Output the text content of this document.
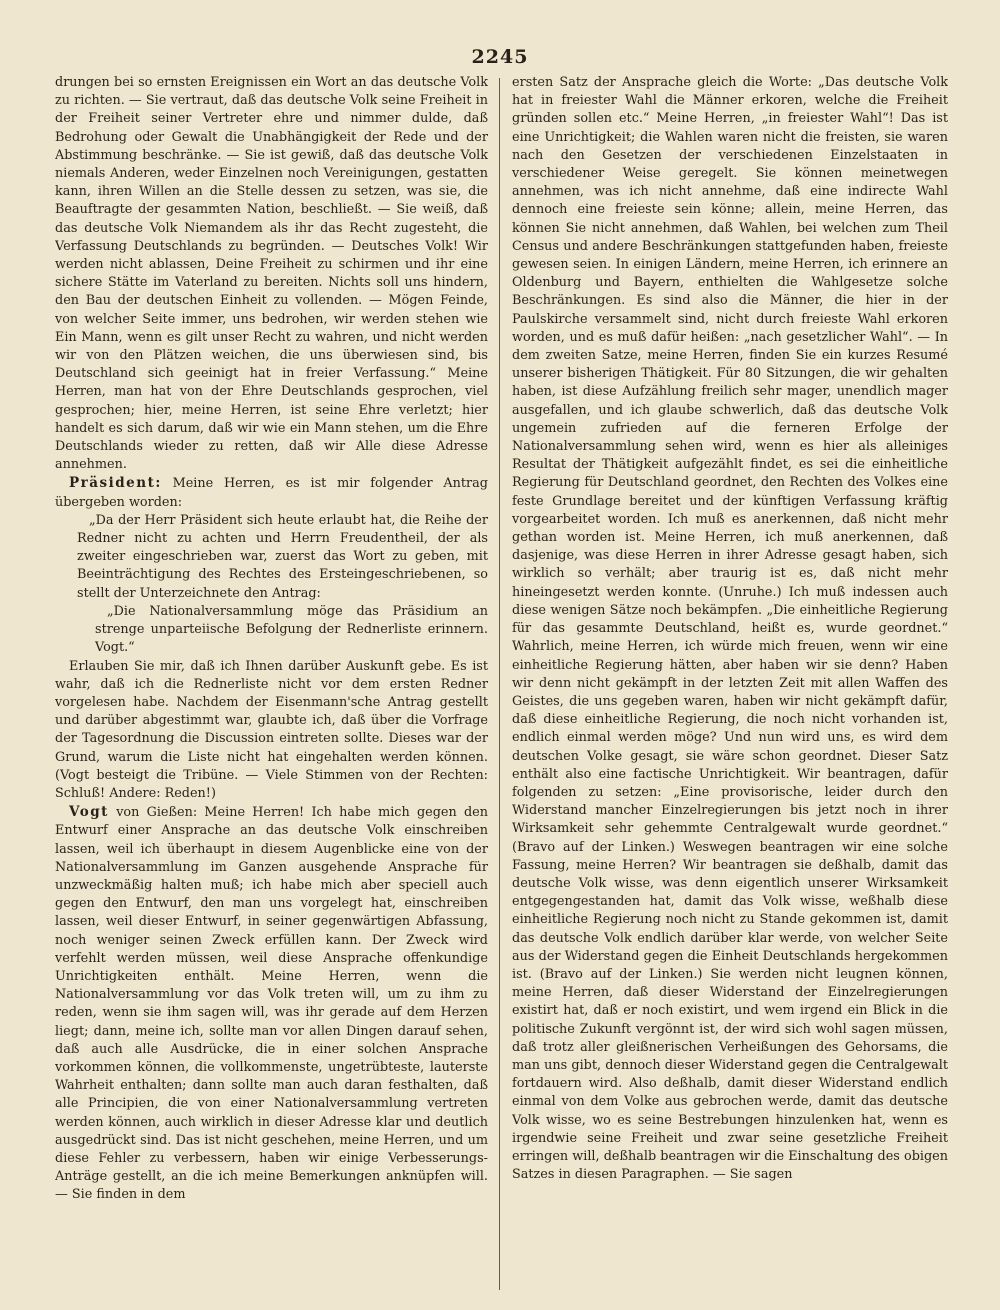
2245

drungen bei so ernsten Ereignissen ein Wort an das deutsche Volk zu richten. — Sie vertraut, daß das deutsche Volk seine Freiheit in der Freiheit seiner Vertreter ehre und nimmer dulde, daß Bedrohung oder Gewalt die Unabhängigkeit der Rede und der Abstimmung beschränke. — Sie ist gewiß, daß das deutsche Volk niemals Anderen, weder Einzelnen noch Vereinigungen, gestatten kann, ihren Willen an die Stelle dessen zu setzen, was sie, die Beauftragte der gesammten Nation, beschließt. — Sie weiß, daß das deutsche Volk Niemandem als ihr das Recht zugesteht, die Verfassung Deutschlands zu begründen. — Deutsches Volk! Wir werden nicht ablassen, Deine Freiheit zu schirmen und ihr eine sichere Stätte im Vaterland zu bereiten. Nichts soll uns hindern, den Bau der deutschen Einheit zu vollenden. — Mögen Feinde, von welcher Seite immer, uns bedrohen, wir werden stehen wie Ein Mann, wenn es gilt unser Recht zu wahren, und nicht werden wir von den Plätzen weichen, die uns überwiesen sind, bis Deutschland sich geeinigt hat in freier Verfassung.“ Meine Herren, man hat von der Ehre Deutschlands gesprochen, viel gesprochen; hier, meine Herren, ist seine Ehre verletzt; hier handelt es sich darum, daß wir wie ein Mann stehen, um die Ehre Deutschlands wieder zu retten, daß wir Alle diese Adresse annehmen.

Präsident: Meine Herren, es ist mir folgender Antrag übergeben worden:

„Da der Herr Präsident sich heute erlaubt hat, die Reihe der Redner nicht zu achten und Herrn Freudentheil, der als zweiter eingeschrieben war, zuerst das Wort zu geben, mit Beeinträchtigung des Rechtes des Ersteingeschriebenen, so stellt der Unterzeichnete den Antrag:

„Die Nationalversammlung möge das Präsidium an strenge unparteiische Befolgung der Rednerliste erinnern. Vogt.“

Erlauben Sie mir, daß ich Ihnen darüber Auskunft gebe. Es ist wahr, daß ich die Rednerliste nicht vor dem ersten Redner vorgelesen habe. Nachdem der Eisenmann'sche Antrag gestellt und darüber abgestimmt war, glaubte ich, daß über die Vorfrage der Tagesordnung die Discussion eintreten sollte. Dieses war der Grund, warum die Liste nicht hat eingehalten werden können. (Vogt besteigt die Tribüne. — Viele Stimmen von der Rechten: Schluß! Andere: Reden!)

Vogt von Gießen: Meine Herren! Ich habe mich gegen den Entwurf einer Ansprache an das deutsche Volk einschreiben lassen, weil ich überhaupt in diesem Augenblicke eine von der Nationalversammlung im Ganzen ausgehende Ansprache für unzweckmäßig halten muß; ich habe mich aber speciell auch gegen den Entwurf, den man uns vorgelegt hat, einschreiben lassen, weil dieser Entwurf, in seiner gegenwärtigen Abfassung, noch weniger seinen Zweck erfüllen kann. Der Zweck wird verfehlt werden müssen, weil diese Ansprache offenkundige Unrichtigkeiten enthält. Meine Herren, wenn die Nationalversammlung vor das Volk treten will, um zu ihm zu reden, wenn sie ihm sagen will, was ihr gerade auf dem Herzen liegt; dann, meine ich, sollte man vor allen Dingen darauf sehen, daß auch alle Ausdrücke, die in einer solchen Ansprache vorkommen können, die vollkommenste, ungetrübteste, lauterste Wahrheit enthalten; dann sollte man auch daran festhalten, daß alle Principien, die von einer Nationalversammlung vertreten werden können, auch wirklich in dieser Adresse klar und deutlich ausgedrückt sind. Das ist nicht geschehen, meine Herren, und um diese Fehler zu verbessern, haben wir einige Verbesserungs-Anträge gestellt, an die ich meine Bemerkungen anknüpfen will. — Sie finden in dem

ersten Satz der Ansprache gleich die Worte: „Das deutsche Volk hat in freiester Wahl die Männer erkoren, welche die Freiheit gründen sollen etc.“ Meine Herren, „in freiester Wahl“! Das ist eine Unrichtigkeit; die Wahlen waren nicht die freisten, sie waren nach den Gesetzen der verschiedenen Einzelstaaten in verschiedener Weise geregelt. Sie können meinetwegen annehmen, was ich nicht annehme, daß eine indirecte Wahl dennoch eine freieste sein könne; allein, meine Herren, das können Sie nicht annehmen, daß Wahlen, bei welchen zum Theil Census und andere Beschränkungen stattgefunden haben, freieste gewesen seien. In einigen Ländern, meine Herren, ich erinnere an Oldenburg und Bayern, enthielten die Wahlgesetze solche Beschränkungen. Es sind also die Männer, die hier in der Paulskirche versammelt sind, nicht durch freieste Wahl erkoren worden, und es muß dafür heißen: „nach gesetzlicher Wahl“. — In dem zweiten Satze, meine Herren, finden Sie ein kurzes Resumé unserer bisherigen Thätigkeit. Für 80 Sitzungen, die wir gehalten haben, ist diese Aufzählung freilich sehr mager, unendlich mager ausgefallen, und ich glaube schwerlich, daß das deutsche Volk ungemein zufrieden auf die ferneren Erfolge der Nationalversammlung sehen wird, wenn es hier als alleiniges Resultat der Thätigkeit aufgezählt findet, es sei die einheitliche Regierung für Deutschland geordnet, den Rechten des Volkes eine feste Grundlage bereitet und der künftigen Verfassung kräftig vorgearbeitet worden. Ich muß es anerkennen, daß nicht mehr gethan worden ist. Meine Herren, ich muß anerkennen, daß dasjenige, was diese Herren in ihrer Adresse gesagt haben, sich wirklich so verhält; aber traurig ist es, daß nicht mehr hineingesetzt werden konnte. (Unruhe.) Ich muß indessen auch diese wenigen Sätze noch bekämpfen. „Die einheitliche Regierung für das gesammte Deutschland, heißt es, wurde geordnet.“ Wahrlich, meine Herren, ich würde mich freuen, wenn wir eine einheitliche Regierung hätten, aber haben wir sie denn? Haben wir denn nicht gekämpft in der letzten Zeit mit allen Waffen des Geistes, die uns gegeben waren, haben wir nicht gekämpft dafür, daß diese einheitliche Regierung, die noch nicht vorhanden ist, endlich einmal werden möge? Und nun wird uns, es wird dem deutschen Volke gesagt, sie wäre schon geordnet. Dieser Satz enthält also eine factische Unrichtigkeit. Wir beantragen, dafür folgenden zu setzen: „Eine provisorische, leider durch den Widerstand mancher Einzelregierungen bis jetzt noch in ihrer Wirksamkeit sehr gehemmte Centralgewalt wurde geordnet.“ (Bravo auf der Linken.) Weswegen beantragen wir eine solche Fassung, meine Herren? Wir beantragen sie deßhalb, damit das deutsche Volk wisse, was denn eigentlich unserer Wirksamkeit entgegengestanden hat, damit das Volk wisse, weßhalb diese einheitliche Regierung noch nicht zu Stande gekommen ist, damit das deutsche Volk endlich darüber klar werde, von welcher Seite aus der Widerstand gegen die Einheit Deutschlands hergekommen ist. (Bravo auf der Linken.) Sie werden nicht leugnen können, meine Herren, daß dieser Widerstand der Einzelregierungen existirt hat, daß er noch existirt, und wem irgend ein Blick in die politische Zukunft vergönnt ist, der wird sich wohl sagen müssen, daß trotz aller gleißnerischen Verheißungen des Gehorsams, die man uns gibt, dennoch dieser Widerstand gegen die Centralgewalt fortdauern wird. Also deßhalb, damit dieser Widerstand endlich einmal von dem Volke aus gebrochen werde, damit das deutsche Volk wisse, wo es seine Bestrebungen hinzulenken hat, wenn es irgendwie seine Freiheit und zwar seine gesetzliche Freiheit erringen will, deßhalb beantragen wir die Einschaltung des obigen Satzes in diesen Paragraphen. — Sie sagen
